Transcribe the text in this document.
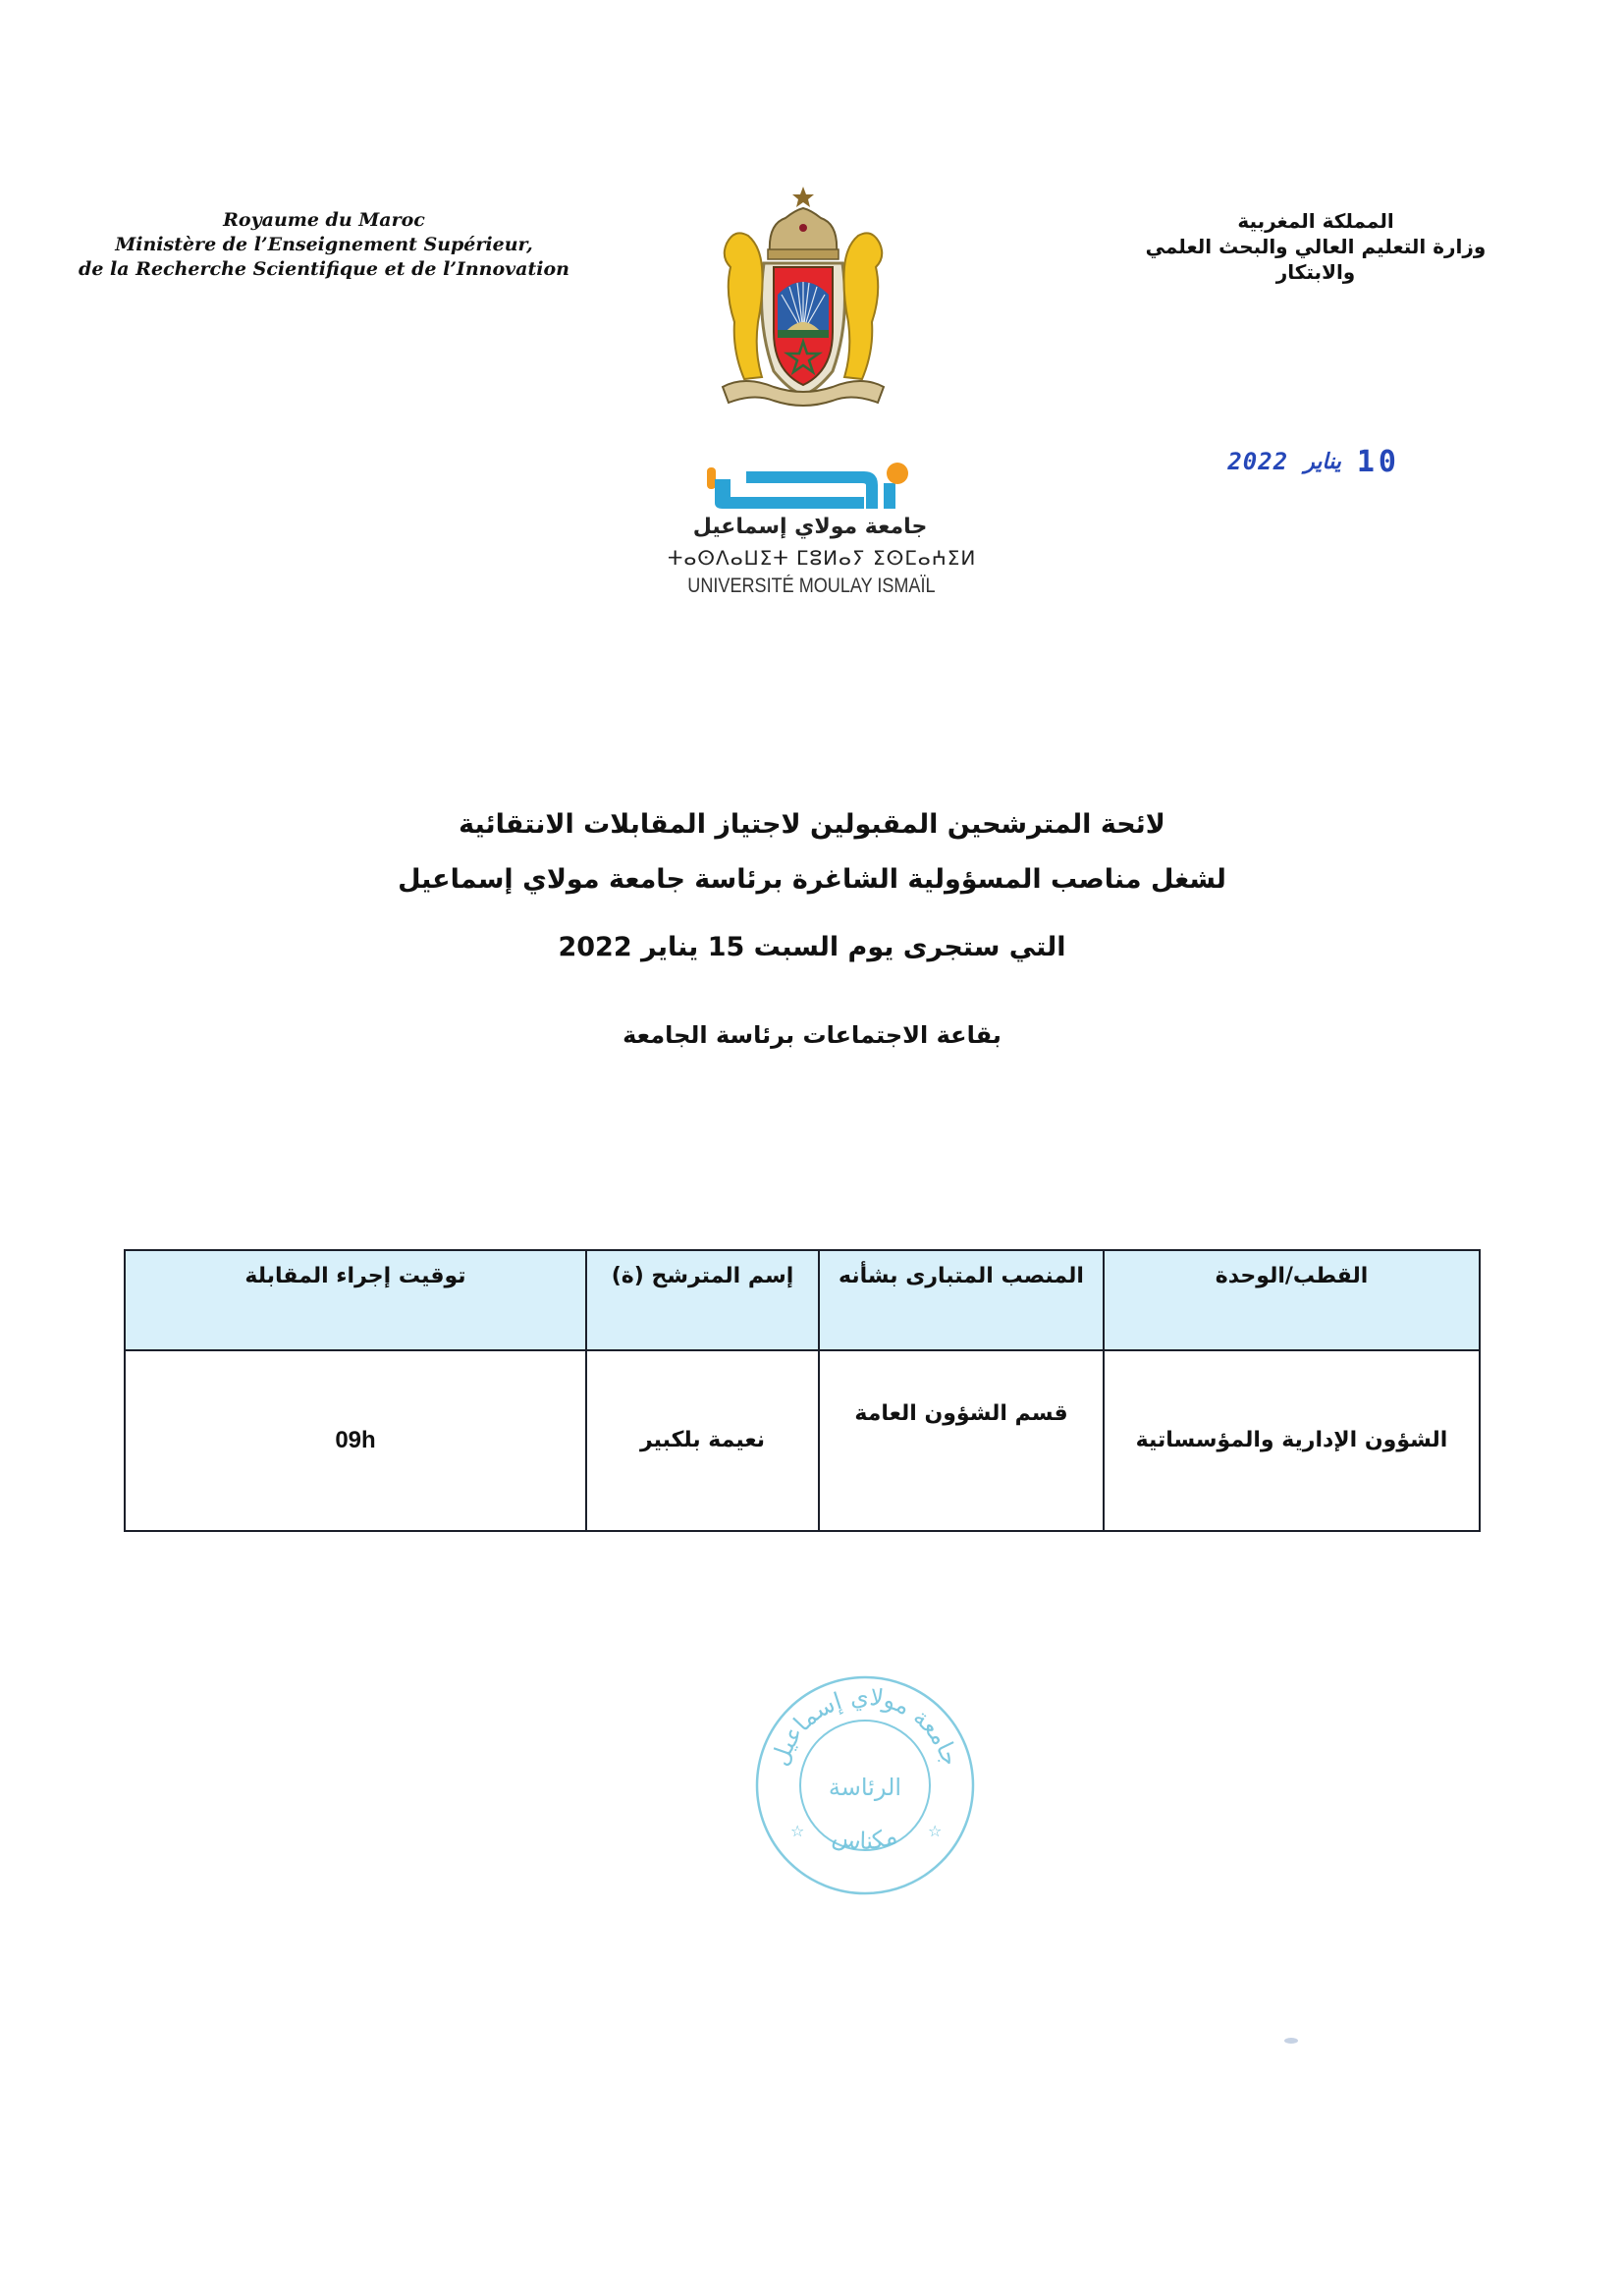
Royaume du Maroc
Ministère de l’Enseignement Supérieur,
de la Recherche Scientifique et de l’Innovation
المملكة المغربية
وزارة التعليم العالي والبحث العلمي
والابتكار
10
يناير
2022
جامعة مولاي إسماعيل
ⵜⴰⵙⴷⴰⵡⵉⵜ ⵎⵓⵍⴰⵢ ⵉⵙⵎⴰⵄⵉⵍ
UNIVERSITÉ MOULAY ISMAÏL
لائحة المترشحين المقبولين لاجتياز المقابلات الانتقائية
لشغل مناصب المسؤولية الشاغرة برئاسة جامعة مولاي إسماعيل
التي ستجرى يوم السبت 15 يناير 2022
بقاعة الاجتماعات برئاسة الجامعة
القطب/الوحدة	المنصب المتبارى بشأنه	إسم المترشح (ة)	توقيت إجراء المقابلة
الشؤون الإدارية والمؤسساتية	قسم الشؤون العامة	نعيمة بلكبير	09h
جامعة مولاي إسماعيل
الرئاسة
مكناس
☆	☆
